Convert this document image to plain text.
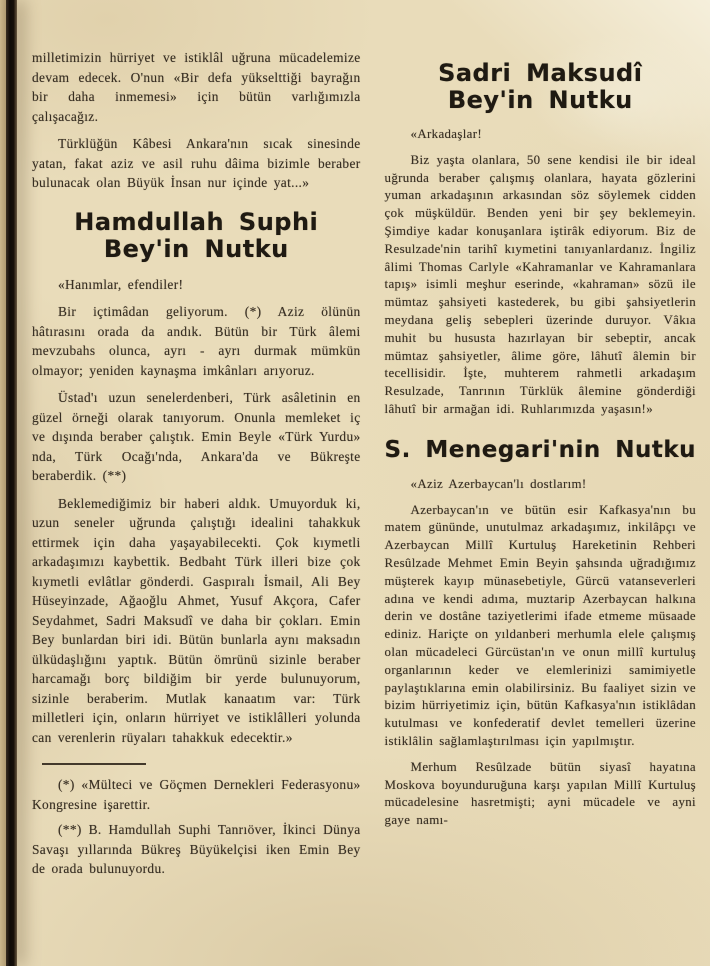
milletimizin hürriyet ve istiklâl uğruna mücadelemize devam edecek. O'nun «Bir defa yükselttiği bayrağın bir daha inmemesi» için bütün varlığımızla çalışacağız.

Türklüğün Kâbesi Ankara'nın sıcak sinesinde yatan, fakat aziz ve asil ruhu dâima bizimle beraber bulunacak olan Büyük İnsan nur içinde yat...»

Hamdullah Suphi Bey'in Nutku

«Hanımlar, efendiler!

Bir içtimâdan geliyorum. (*) Aziz ölünün hâtırasını orada da andık. Bütün bir Türk âlemi mevzubahs olunca, ayrı - ayrı durmak mümkün olmayor; yeniden kaynaşma imkânları arıyoruz.

Üstad'ı uzun senelerdenberi, Türk asâletinin en güzel örneği olarak tanıyorum. Onunla memleket iç ve dışında beraber çalıştık. Emin Beyle «Türk Yurdu» nda, Türk Ocağı'nda, Ankara'da ve Bükreşte beraberdik. (**)

Beklemediğimiz bir haberi aldık. Umuyorduk ki, uzun seneler uğrunda çalıştığı idealini tahakkuk ettirmek için daha yaşayabilecekti. Çok kıymetli arkadaşımızı kaybettik. Bedbaht Türk illeri bize çok kıymetli evlâtlar gönderdi. Gaspıralı İsmail, Ali Bey Hüseyinzade, Ağaoğlu Ahmet, Yusuf Akçora, Cafer Seydahmet, Sadri Maksudî ve daha bir çokları. Emin Bey bunlardan biri idi. Bütün bunlarla aynı maksadın ülküdaşlığını yaptık. Bütün ömrünü sizinle beraber harcamağı borç bildiğim bir yerde bulunuyorum, sizinle beraberim. Mutlak kanaatım var: Türk milletleri için, onların hürriyet ve istiklâlleri yolunda can verenlerin rüyaları tahakkuk edecektir.»

(*) «Mülteci ve Göçmen Dernekleri Federasyonu» Kongresine işarettir.

(**) B. Hamdullah Suphi Tanrıöver, İkinci Dünya Savaşı yıllarında Bükreş Büyükelçisi iken Emin Bey de orada bulunuyordu.

Sadri Maksudî Bey'in Nutku

«Arkadaşlar!

Biz yaşta olanlara, 50 sene kendisi ile bir ideal uğrunda beraber çalışmış olanlara, hayata gözlerini yuman arkadaşının arkasından söz söylemek cidden çok müşküldür. Benden yeni bir şey beklemeyin. Şimdiye kadar konuşanlara iştirâk ediyorum. Biz de Resulzade'nin tarihî kıymetini tanıyanlardanız. İngiliz âlimi Thomas Carlyle «Kahramanlar ve Kahramanlara tapış» isimli meşhur eserinde, «kahraman» sözü ile mümtaz şahsiyeti kastederek, bu gibi şahsiyetlerin meydana geliş sebepleri üzerinde duruyor. Vâkıa muhit bu hususta hazırlayan bir sebeptir, ancak mümtaz şahsiyetler, âlime göre, lâhutî âlemin bir tecellisidir. İşte, muhterem rahmetli arkadaşım Resulzade, Tanrının Türklük âlemine gönderdiği lâhutî bir armağan idi. Ruhlarımızda yaşasın!»

S. Menegari'nin Nutku

«Aziz Azerbaycan'lı dostlarım!

Azerbaycan'ın ve bütün esir Kafkasya'nın bu matem gününde, unutulmaz arkadaşımız, inkilâpçı ve Azerbaycan Millî Kurtuluş Hareketinin Rehberi Resûlzade Mehmet Emin Beyin şahsında uğradığımız müşterek kayıp münasebetiyle, Gürcü vatanseverleri adına ve kendi adıma, muztarip Azerbaycan halkına derin ve dostâne taziyetlerimi ifade etmeme müsaade ediniz. Hariçte on yıldanberi merhumla elele çalışmış olan mücadeleci Gürcüstan'ın ve onun millî kurtuluş organlarının keder ve elemlerinizi samimiyetle paylaştıklarına emin olabilirsiniz. Bu faaliyet sizin ve bizim hürriyetimiz için, bütün Kafkasya'nın istiklâdan kutulması ve konfederatif devlet temelleri üzerine istiklâlin sağlamlaştırılması için yapılmıştır.

Merhum Resûlzade bütün siyasî hayatına Moskova boyunduruğuna karşı yapılan Millî Kurtuluş mücadelesine hasretmişti; ayni mücadele ve ayni gaye namı-
